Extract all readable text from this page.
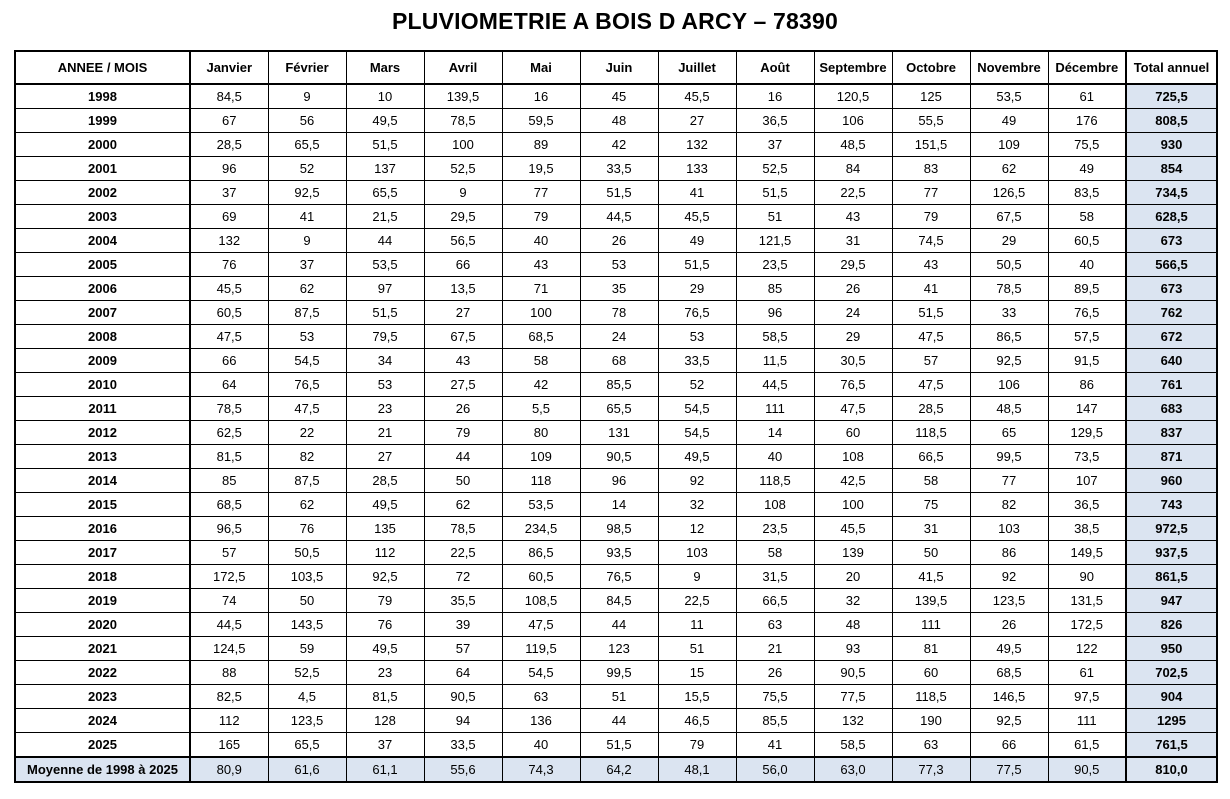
PLUVIOMETRIE A BOIS D ARCY – 78390
ANNEE / MOIS	Janvier	Février	Mars	Avril	Mai	Juin	Juillet	Août	Septembre	Octobre	Novembre	Décembre	Total annuel
1998	84,5	9	10	139,5	16	45	45,5	16	120,5	125	53,5	61	725,5
1999	67	56	49,5	78,5	59,5	48	27	36,5	106	55,5	49	176	808,5
2000	28,5	65,5	51,5	100	89	42	132	37	48,5	151,5	109	75,5	930
2001	96	52	137	52,5	19,5	33,5	133	52,5	84	83	62	49	854
2002	37	92,5	65,5	9	77	51,5	41	51,5	22,5	77	126,5	83,5	734,5
2003	69	41	21,5	29,5	79	44,5	45,5	51	43	79	67,5	58	628,5
2004	132	9	44	56,5	40	26	49	121,5	31	74,5	29	60,5	673
2005	76	37	53,5	66	43	53	51,5	23,5	29,5	43	50,5	40	566,5
2006	45,5	62	97	13,5	71	35	29	85	26	41	78,5	89,5	673
2007	60,5	87,5	51,5	27	100	78	76,5	96	24	51,5	33	76,5	762
2008	47,5	53	79,5	67,5	68,5	24	53	58,5	29	47,5	86,5	57,5	672
2009	66	54,5	34	43	58	68	33,5	11,5	30,5	57	92,5	91,5	640
2010	64	76,5	53	27,5	42	85,5	52	44,5	76,5	47,5	106	86	761
2011	78,5	47,5	23	26	5,5	65,5	54,5	111	47,5	28,5	48,5	147	683
2012	62,5	22	21	79	80	131	54,5	14	60	118,5	65	129,5	837
2013	81,5	82	27	44	109	90,5	49,5	40	108	66,5	99,5	73,5	871
2014	85	87,5	28,5	50	118	96	92	118,5	42,5	58	77	107	960
2015	68,5	62	49,5	62	53,5	14	32	108	100	75	82	36,5	743
2016	96,5	76	135	78,5	234,5	98,5	12	23,5	45,5	31	103	38,5	972,5
2017	57	50,5	112	22,5	86,5	93,5	103	58	139	50	86	149,5	937,5
2018	172,5	103,5	92,5	72	60,5	76,5	9	31,5	20	41,5	92	90	861,5
2019	74	50	79	35,5	108,5	84,5	22,5	66,5	32	139,5	123,5	131,5	947
2020	44,5	143,5	76	39	47,5	44	11	63	48	111	26	172,5	826
2021	124,5	59	49,5	57	119,5	123	51	21	93	81	49,5	122	950
2022	88	52,5	23	64	54,5	99,5	15	26	90,5	60	68,5	61	702,5
2023	82,5	4,5	81,5	90,5	63	51	15,5	75,5	77,5	118,5	146,5	97,5	904
2024	112	123,5	128	94	136	44	46,5	85,5	132	190	92,5	111	1295
2025	165	65,5	37	33,5	40	51,5	79	41	58,5	63	66	61,5	761,5
Moyenne de 1998 à 2025	80,9	61,6	61,1	55,6	74,3	64,2	48,1	56,0	63,0	77,3	77,5	90,5	810,0
